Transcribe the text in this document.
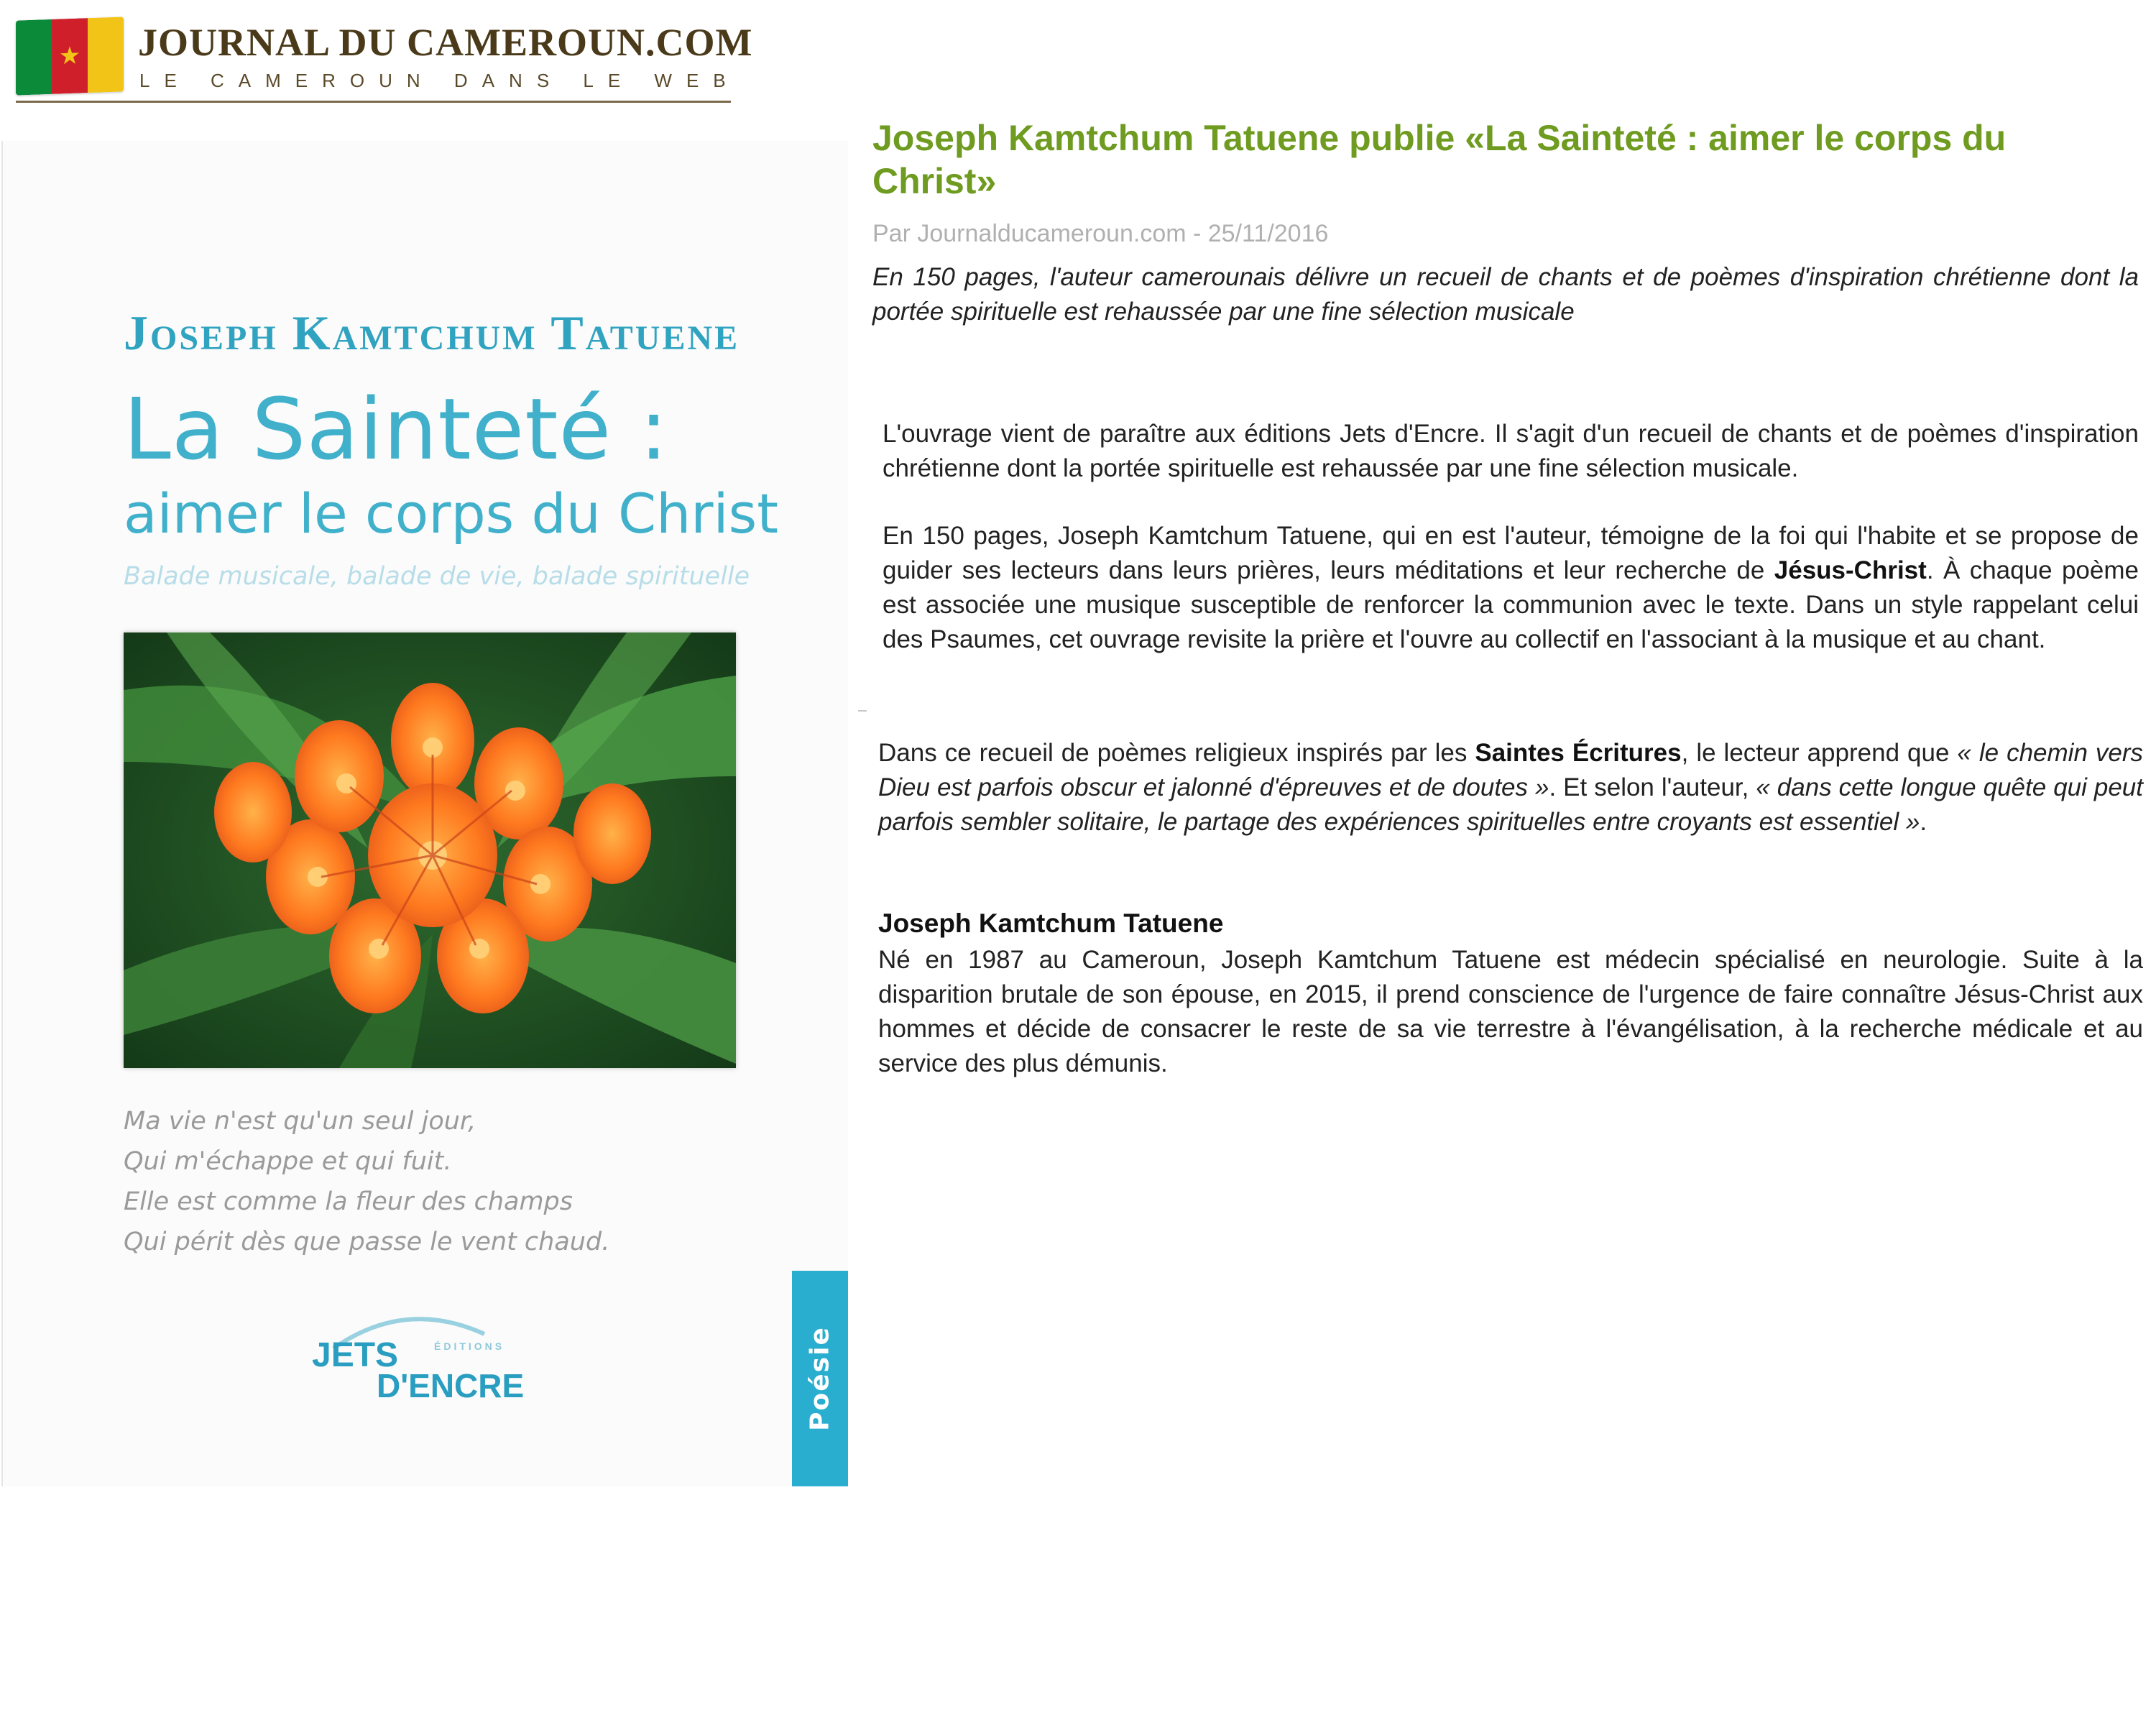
★ JOURNAL DU CAMEROUN.COM
LE CAMEROUN DANS LE WEB
Joseph Kamtchum Tatuene
La Sainteté :
aimer le corps du Christ
Balade musicale, balade de vie, balade spirituelle
Ma vie n'est qu'un seul jour,
Qui m'échappe et qui fuit.
Elle est comme la fleur des champs
Qui périt dès que passe le vent chaud.
JETS	ÉDITIONS
D'ENCRE	Poésie
Joseph Kamtchum Tatuene publie «La Sainteté : aimer le corps du Christ»
Par Journalducameroun.com - 25/11/2016
En 150 pages, l'auteur camerounais délivre un recueil de chants et de poèmes d'inspiration chrétienne dont la portée spirituelle est rehaussée par une fine sélection musicale

L'ouvrage vient de paraître aux éditions Jets d'Encre. Il s'agit d'un recueil de chants et de poèmes d'inspiration chrétienne dont la portée spirituelle est rehaussée par une fine sélection musicale.

En 150 pages, Joseph Kamtchum Tatuene, qui en est l'auteur, témoigne de la foi qui l'habite et se propose de guider ses lecteurs dans leurs prières, leurs méditations et leur recherche de Jésus-Christ. À chaque poème est associée une musique susceptible de renforcer la communion avec le texte. Dans un style rappelant celui des Psaumes, cet ouvrage revisite la prière et l'ouvre au collectif en l'associant à la musique et au chant.

Dans ce recueil de poèmes religieux inspirés par les Saintes Écritures, le lecteur apprend que « le chemin vers Dieu est parfois obscur et jalonné d'épreuves et de doutes ». Et selon l'auteur, « dans cette longue quête qui peut parfois sembler solitaire, le partage des expériences spirituelles entre croyants est essentiel ».

Joseph Kamtchum Tatuene

Né en 1987 au Cameroun, Joseph Kamtchum Tatuene est médecin spécialisé en neurologie. Suite à la disparition brutale de son épouse, en 2015, il prend conscience de l'urgence de faire connaître Jésus-Christ aux hommes et décide de consacrer le reste de sa vie terrestre à l'évangélisation, à la recherche médicale et au service des plus démunis.
